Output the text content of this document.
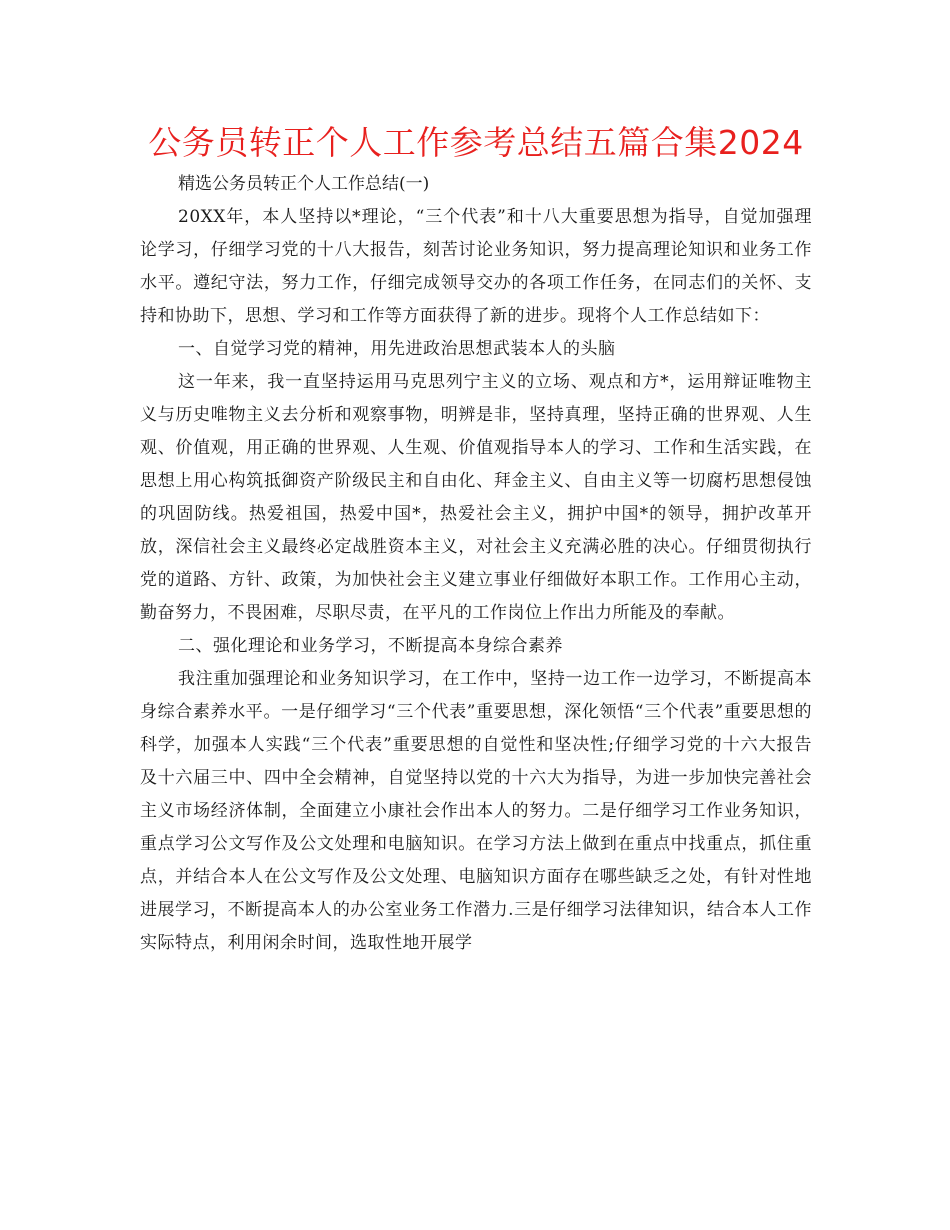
公务员转正个人工作参考总结五篇合集2024

精选公务员转正个人工作总结(一)

20XX年，本人坚持以*理论，“三个代表”和十八大重要思想为指导，自觉加强理论学习，仔细学习党的十八大报告，刻苦讨论业务知识，努力提高理论知识和业务工作水平。遵纪守法，努力工作，仔细完成领导交办的各项工作任务，在同志们的关怀、支持和协助下，思想、学习和工作等方面获得了新的进步。现将个人工作总结如下：

一、自觉学习党的精神，用先进政治思想武装本人的头脑

这一年来，我一直坚持运用马克思列宁主义的立场、观点和方*，运用辩证唯物主义与历史唯物主义去分析和观察事物，明辨是非，坚持真理，坚持正确的世界观、人生观、价值观，用正确的世界观、人生观、价值观指导本人的学习、工作和生活实践，在思想上用心构筑抵御资产阶级民主和自由化、拜金主义、自由主义等一切腐朽思想侵蚀的巩固防线。热爱祖国，热爱中国*，热爱社会主义，拥护中国*的领导，拥护改革开放，深信社会主义最终必定战胜资本主义，对社会主义充满必胜的决心。仔细贯彻执行党的道路、方针、政策，为加快社会主义建立事业仔细做好本职工作。工作用心主动，勤奋努力，不畏困难，尽职尽责，在平凡的工作岗位上作出力所能及的奉献。

二、强化理论和业务学习，不断提高本身综合素养

我注重加强理论和业务知识学习，在工作中，坚持一边工作一边学习，不断提高本身综合素养水平。一是仔细学习“三个代表”重要思想，深化领悟“三个代表”重要思想的科学，加强本人实践“三个代表”重要思想的自觉性和坚决性;仔细学习党的十六大报告及十六届三中、四中全会精神，自觉坚持以党的十六大为指导，为进一步加快完善社会主义市场经济体制，全面建立小康社会作出本人的努力。二是仔细学习工作业务知识，重点学习公文写作及公文处理和电脑知识。在学习方法上做到在重点中找重点，抓住重点，并结合本人在公文写作及公文处理、电脑知识方面存在哪些缺乏之处，有针对性地进展学习，不断提高本人的办公室业务工作潜力.三是仔细学习法律知识，结合本人工作实际特点，利用闲余时间，选取性地开展学
